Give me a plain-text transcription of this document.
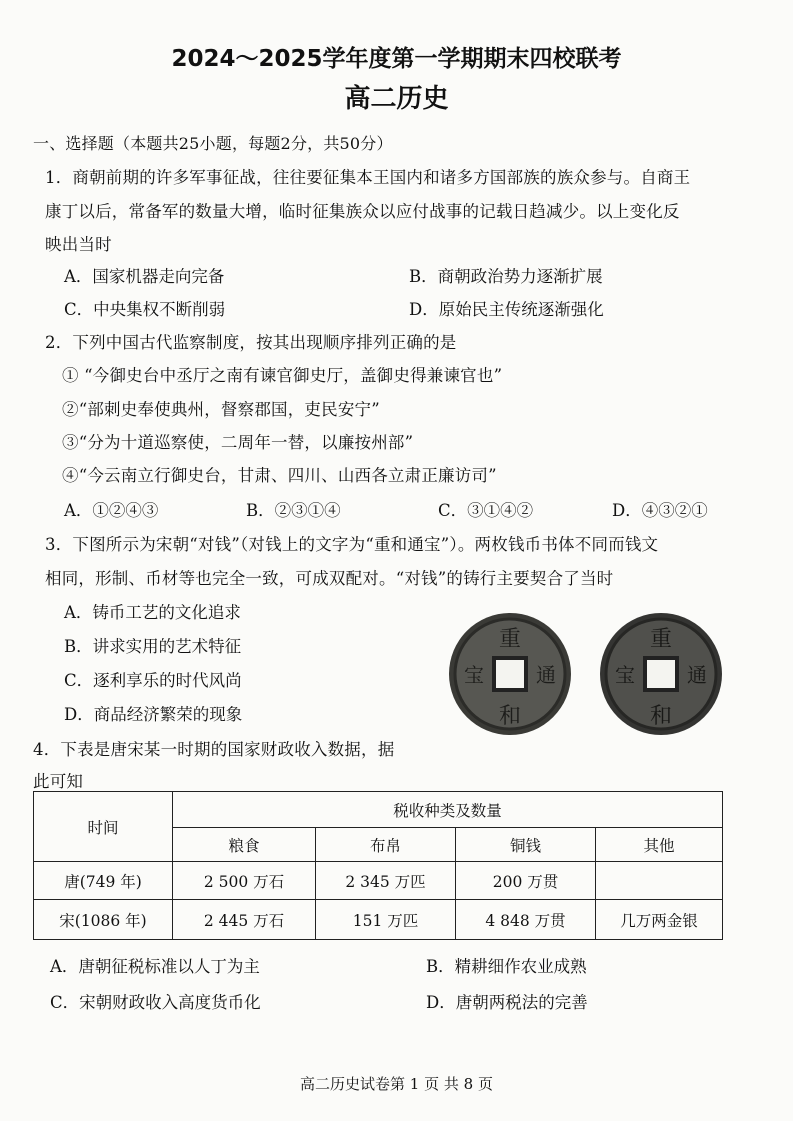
2024～2025学年度第一学期期末四校联考
高二历史
一、选择题（本题共25小题，每题2分，共50分）
1．商朝前期的许多军事征战，往往要征集本王国内和诸多方国部族的族众参与。自商王
康丁以后，常备军的数量大增，临时征集族众以应付战事的记载日趋减少。以上变化反
映出当时
A．国家机器走向完备	B．商朝政治势力逐渐扩展
C．中央集权不断削弱	D．原始民主传统逐渐强化
2．下列中国古代监察制度，按其出现顺序排列正确的是
① “今御史台中丞厅之南有谏官御史厅，盖御史得兼谏官也”
②“部刺史奉使典州，督察郡国，吏民安宁”
③“分为十道巡察使，二周年一替，以廉按州部”
④“今云南立行御史台，甘肃、四川、山西各立肃正廉访司”
A．①②④③	B．②③①④	C．③①④②	D．④③②①
3．下图所示为宋朝“对钱”（对钱上的文字为“重和通宝”）。两枚钱币书体不同而钱文
相同，形制、币材等也完全一致，可成双配对。“对钱”的铸行主要契合了当时
A．铸币工艺的文化追求
B．讲求实用的艺术特征
C．逐利享乐的时代风尚
D．商品经济繁荣的现象
重
和
通
宝
重
和
通
宝
4．下表是唐宋某一时期的国家财政收入数据，据
此可知
时间	税收种类及数量			
	粮食	布帛	铜钱	其他
唐(749 年)	2 500 万石	2 345 万匹	200 万贯	
宋(1086 年)	2 445 万石	151 万匹	4 848 万贯	几万两金银
A．唐朝征税标准以人丁为主	B．精耕细作农业成熟
C．宋朝财政收入高度货币化	D．唐朝两税法的完善
高二历史试卷第 1 页 共 8 页
